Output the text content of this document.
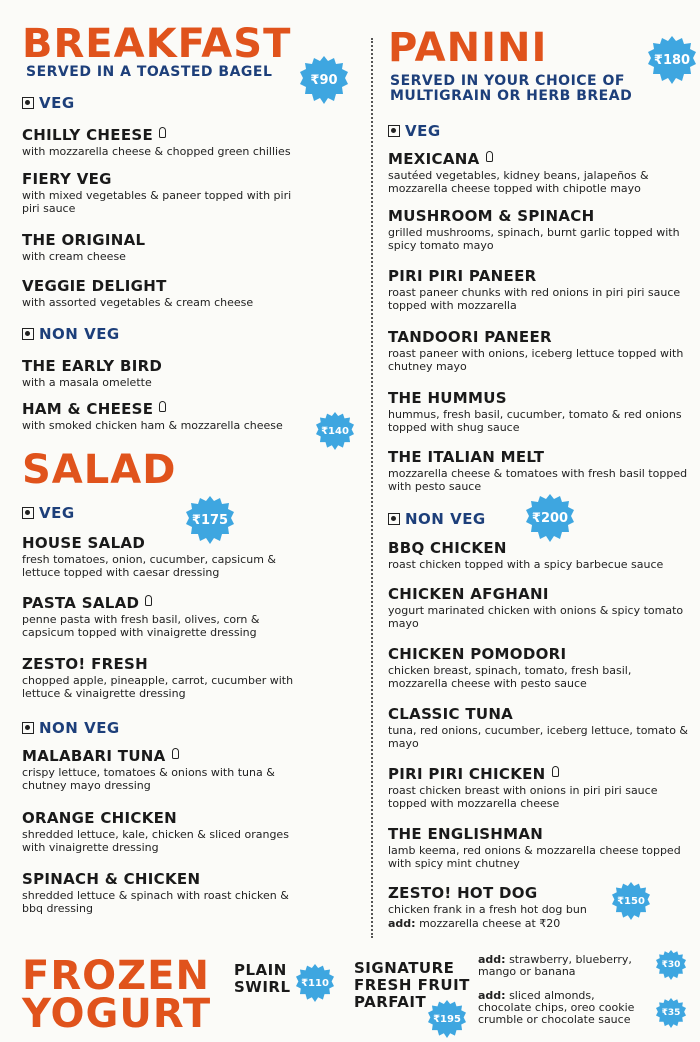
BREAKFAST
SERVED IN A TOASTED BAGEL	₹90
VEG
CHILLY CHEESE
with mozzarella cheese & chopped green chillies
FIERY VEG
with mixed vegetables & paneer topped with piri piri sauce
THE ORIGINAL
with cream cheese
VEGGIE DELIGHT
with assorted vegetables & cream cheese
NON VEG
THE EARLY BIRD
with a masala omelette
HAM & CHEESE
with smoked chicken ham & mozzarella cheese	₹140
SALAD
₹175
VEG
HOUSE SALAD
fresh tomatoes, onion, cucumber, capsicum & lettuce topped with caesar dressing
PASTA SALAD
penne pasta with fresh basil, olives, corn & capsicum topped with vinaigrette dressing
ZESTO! FRESH
chopped apple, pineapple, carrot, cucumber with lettuce & vinaigrette dressing
NON VEG
MALABARI TUNA
crispy lettuce, tomatoes & onions with tuna & chutney mayo dressing
ORANGE CHICKEN
shredded lettuce, kale, chicken & sliced oranges with vinaigrette dressing
SPINACH & CHICKEN
shredded lettuce & spinach with roast chicken & bbq dressing
PANINI	₹180
SERVED IN YOUR CHOICE OF
MULTIGRAIN OR HERB BREAD
VEG
MEXICANA
sautéed vegetables, kidney beans, jalapeños & mozzarella cheese topped with chipotle mayo
MUSHROOM & SPINACH
grilled mushrooms, spinach, burnt garlic topped with spicy tomato mayo
PIRI PIRI PANEER
roast paneer chunks with red onions in piri piri sauce topped with mozzarella
TANDOORI PANEER
roast paneer with onions, iceberg lettuce topped with chutney mayo
THE HUMMUS
hummus, fresh basil, cucumber, tomato & red onions topped with shug sauce
THE ITALIAN MELT
mozzarella cheese & tomatoes with fresh basil topped with pesto sauce
NON VEG	₹200
BBQ CHICKEN
roast chicken topped with a spicy barbecue sauce
CHICKEN AFGHANI
yogurt marinated chicken with onions & spicy tomato mayo
CHICKEN POMODORI
chicken breast, spinach, tomato, fresh basil, mozzarella cheese with pesto sauce
CLASSIC TUNA
tuna, red onions, cucumber, iceberg lettuce, tomato & mayo
PIRI PIRI CHICKEN
roast chicken breast with onions in piri piri sauce topped with mozzarella cheese
THE ENGLISHMAN
lamb keema, red onions & mozzarella cheese topped with spicy mint chutney
ZESTO! HOT DOG
chicken frank in a fresh hot dog bun
add: mozzarella cheese at ₹20
₹150
FROZEN
YOGURT
PLAIN
SWIRL ₹110
SIGNATURE
FRESH FRUIT
PARFAIT
₹195
add: strawberry, blueberry,
mango or banana	₹30
add: sliced almonds,
chocolate chips, oreo cookie
crumble or chocolate sauce	₹35
